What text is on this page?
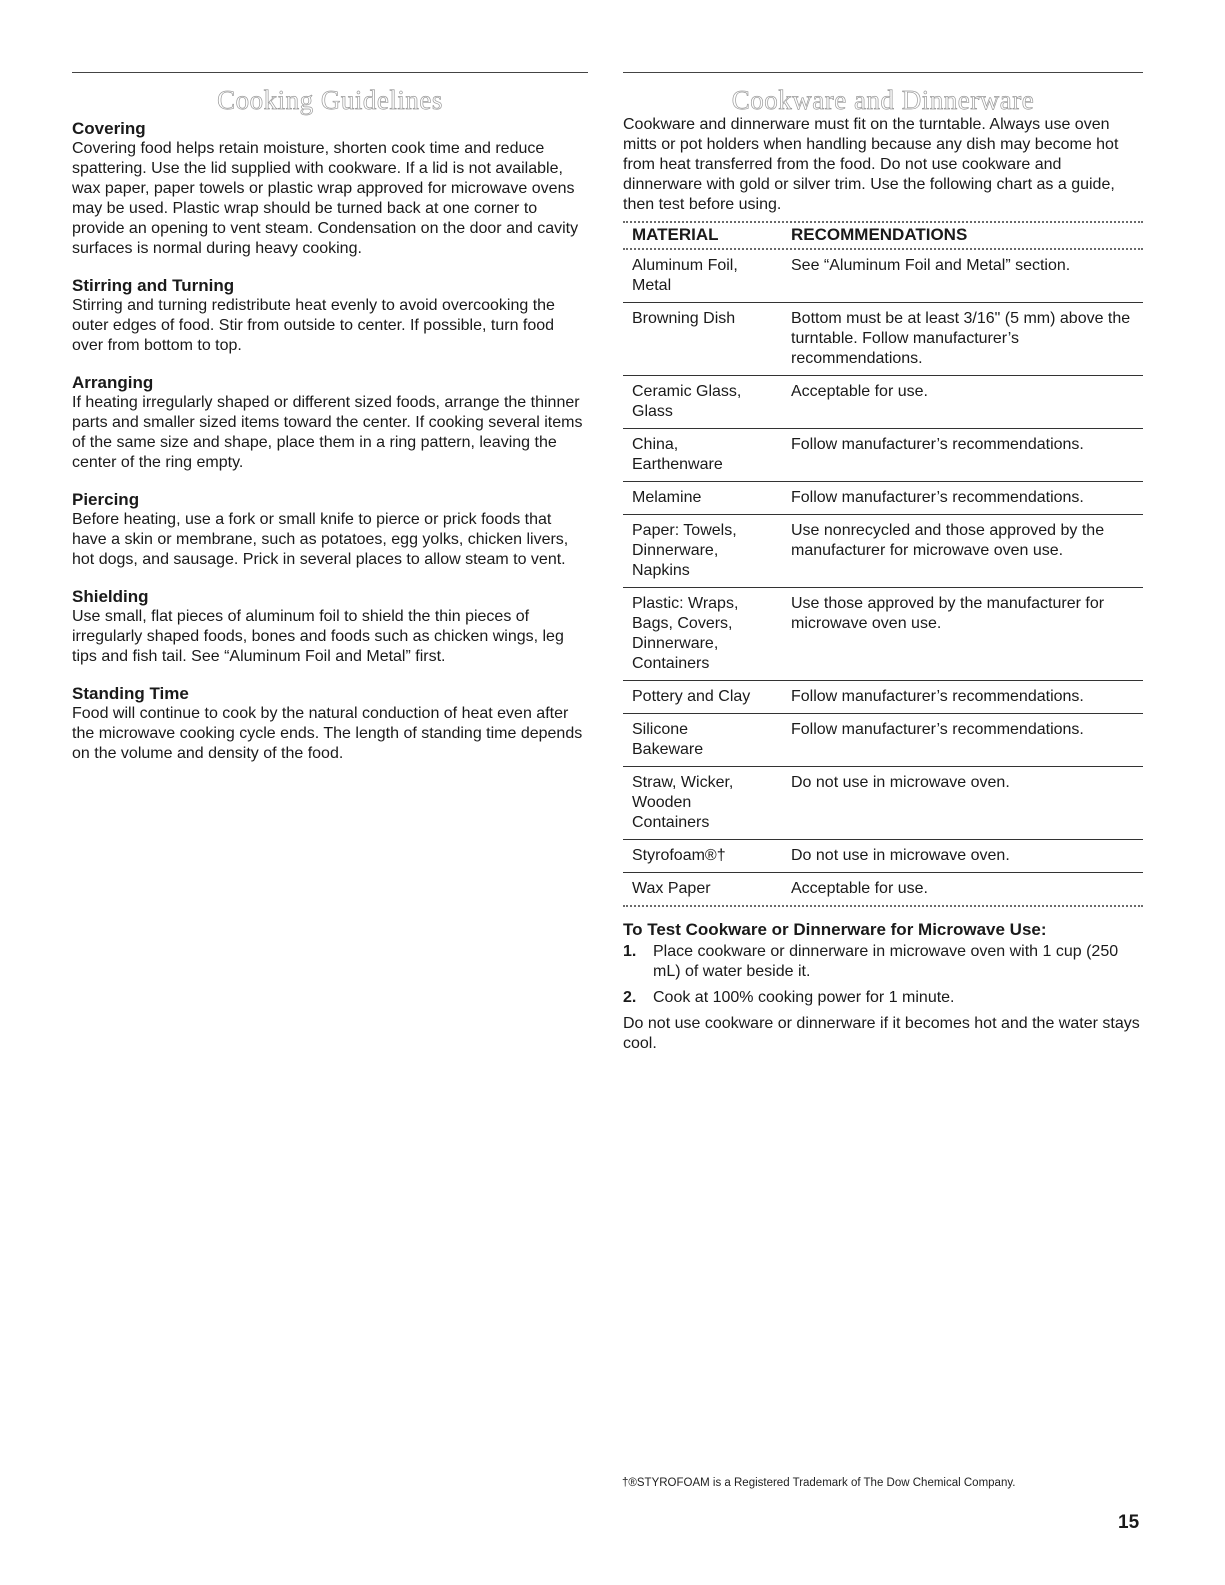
Cooking Guidelines

Covering

Covering food helps retain moisture, shorten cook time and reduce spattering. Use the lid supplied with cookware. If a lid is not available, wax paper, paper towels or plastic wrap approved for microwave ovens may be used. Plastic wrap should be turned back at one corner to provide an opening to vent steam. Condensation on the door and cavity surfaces is normal during heavy cooking.

Stirring and Turning

Stirring and turning redistribute heat evenly to avoid overcooking the outer edges of food. Stir from outside to center. If possible, turn food over from bottom to top.

Arranging

If heating irregularly shaped or different sized foods, arrange the thinner parts and smaller sized items toward the center. If cooking several items of the same size and shape, place them in a ring pattern, leaving the center of the ring empty.

Piercing

Before heating, use a fork or small knife to pierce or prick foods that have a skin or membrane, such as potatoes, egg yolks, chicken livers, hot dogs, and sausage. Prick in several places to allow steam to vent.

Shielding

Use small, flat pieces of aluminum foil to shield the thin pieces of irregularly shaped foods, bones and foods such as chicken wings, leg tips and fish tail. See “Aluminum Foil and Metal” first.

Standing Time

Food will continue to cook by the natural conduction of heat even after the microwave cooking cycle ends. The length of standing time depends on the volume and density of the food.

Cookware and Dinnerware

Cookware and dinnerware must fit on the turntable. Always use oven mitts or pot holders when handling because any dish may become hot from heat transferred from the food. Do not use cookware and dinnerware with gold or silver trim. Use the following chart as a guide, then test before using.

MATERIAL	RECOMMENDATIONS

Aluminum Foil,
Metal	See “Aluminum Foil and Metal” section.
Browning Dish	Bottom must be at least 3/16" (5 mm) above the turntable. Follow manufacturer’s recommendations.
Ceramic Glass,
Glass	Acceptable for use.
China,
Earthenware	Follow manufacturer’s recommendations.
Melamine	Follow manufacturer’s recommendations.
Paper: Towels,
Dinnerware,
Napkins	Use nonrecycled and those approved by the manufacturer for microwave oven use.
Plastic: Wraps,
Bags, Covers,
Dinnerware,
Containers	Use those approved by the manufacturer for microwave oven use.
Pottery and Clay	Follow manufacturer’s recommendations.
Silicone
Bakeware	Follow manufacturer’s recommendations.
Straw, Wicker,
Wooden
Containers	Do not use in microwave oven.
Styrofoam®†	Do not use in microwave oven.
Wax Paper	Acceptable for use.

To Test Cookware or Dinnerware for Microwave Use:

1. Place cookware or dinnerware in microwave oven with 1 cup (250 mL) of water beside it.
2. Cook at 100% cooking power for 1 minute.

Do not use cookware or dinnerware if it becomes hot and the water stays cool.

†®STYROFOAM is a Registered Trademark of The Dow Chemical Company.
15
